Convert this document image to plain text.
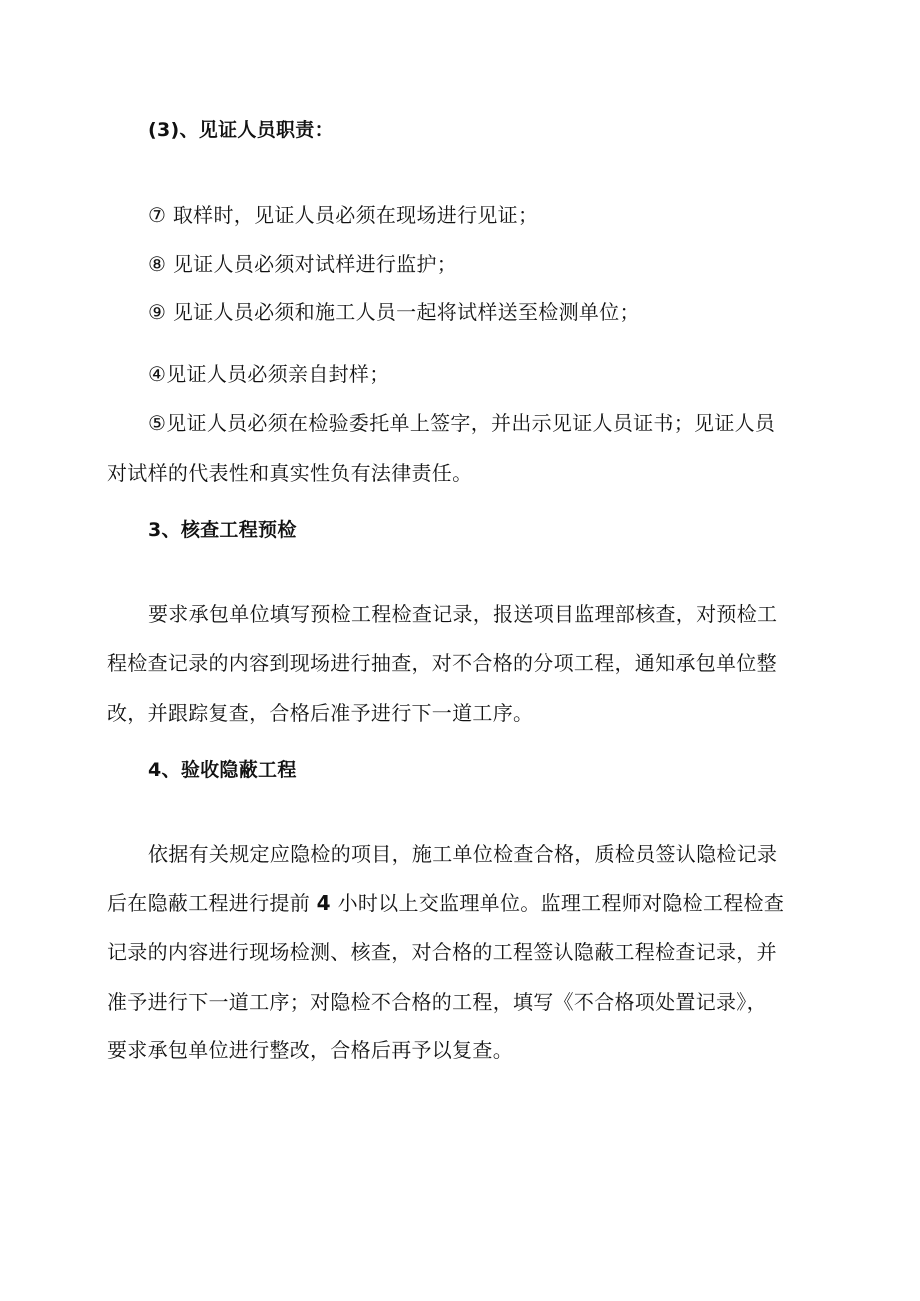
(3)、见证人员职责：
⑦ 取样时，见证人员必须在现场进行见证；
⑧ 见证人员必须对试样进行监护；
⑨ 见证人员必须和施工人员一起将试样送至检测单位；
④见证人员必须亲自封样；
⑤见证人员必须在检验委托单上签字，并出示见证人员证书；见证人员
对试样的代表性和真实性负有法律责任。
3、核查工程预检
要求承包单位填写预检工程检查记录，报送项目监理部核查，对预检工
程检查记录的内容到现场进行抽查，对不合格的分项工程，通知承包单位整
改，并跟踪复查，合格后准予进行下一道工序。
4、验收隐蔽工程
依据有关规定应隐检的项目，施工单位检查合格，质检员签认隐检记录
后在隐蔽工程进行提前 4 小时以上交监理单位。监理工程师对隐检工程检查
记录的内容进行现场检测、核查，对合格的工程签认隐蔽工程检查记录，并
准予进行下一道工序；对隐检不合格的工程，填写《不合格项处置记录》，
要求承包单位进行整改，合格后再予以复查。
